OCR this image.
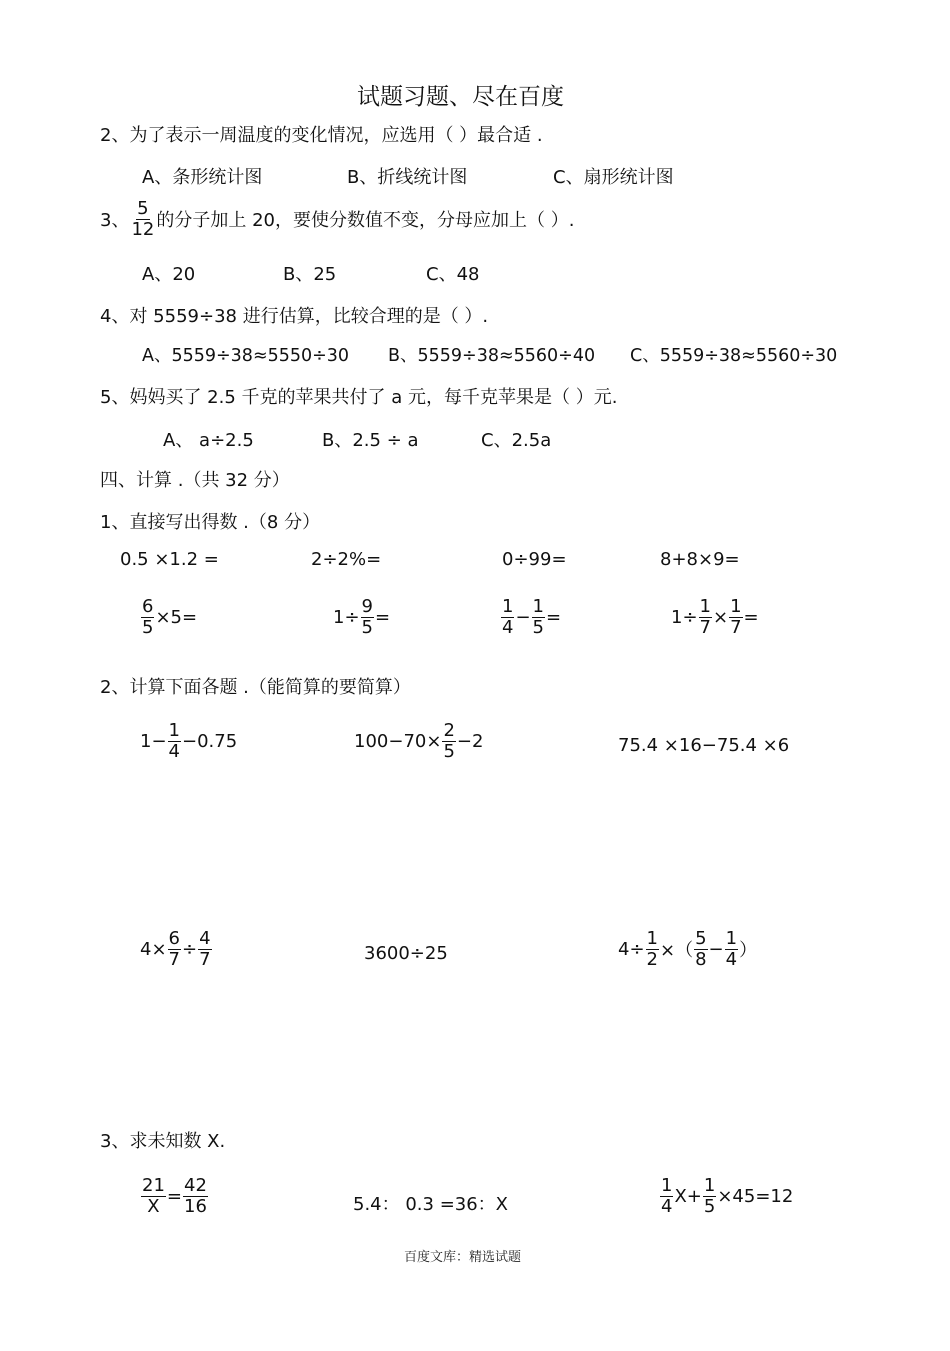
试题习题、尽在百度
2、为了表示一周温度的变化情况，应选用（ ）最合适 .
A、条形统计图	B、折线统计图	C、扇形统计图
3、 $\frac{5}{12}$ 的分子加上 20，要使分数值不变，分母应加上（ ）.
A、20	B、25	C、48
4、对 5559÷38 进行估算，比较合理的是（ ）.
A、5559÷38≈5550÷30 B、5559÷38≈5560÷40 C、5559÷38≈5560÷30
5、妈妈买了 2.5 千克的苹果共付了 a 元，每千克苹果是（ ）元.
A、 a÷2.5	B、2.5 ÷ a	C、2.5a
四、计算 .（共 32 分）
1、直接写出得数 .（8 分）
0.5 ×1.2 =	2÷2%=	0÷99=	8+8×9=
$\frac{6}{5} \times 5=$	$1\div \frac{9}{5}$ =	$\frac{1}{4} - \frac{1}{5}$ =	$1\div \frac{1}{7} \times \frac{1}{7}$ =
2、计算下面各题 .（能简算的要简算）
$1- \frac{1}{4} -0.75$	$100-70\times \frac{2}{5} -2$	75.4 ×16−75.4 ×6
$4\times \frac{6}{7} \div \frac{4}{7}$	3600÷25	$4\div \frac{1}{2}$ ×（ $\frac{5}{8} - \frac{1}{4}$ ）
3、求未知数 X.
$\frac{21}{X} = \frac{42}{16}$	5.4： 0.3 =36：X	$\frac{1}{4} X+ \frac{1}{5} \times 45=12$
百度文库：精选试题
